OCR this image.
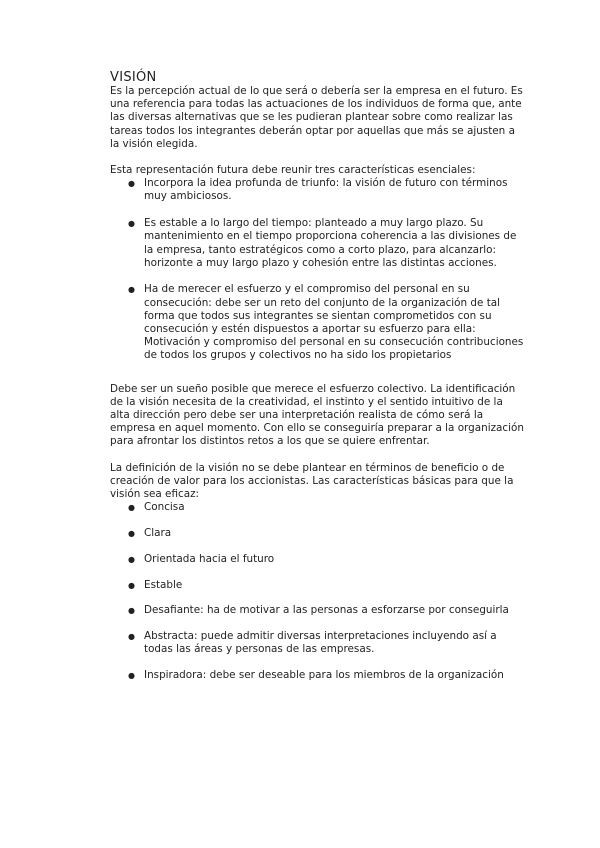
VISIÓN

Es la percepción actual de lo que será o debería ser la empresa en el futuro. Es una referencia para todas las actuaciones de los individuos de forma que, ante las diversas alternativas que se les pudieran plantear sobre como realizar las tareas todos los integrantes deberán optar por aquellas que más se ajusten a la visión elegida.

Esta representación futura debe reunir tres características esenciales:

● Incorpora la idea profunda de triunfo: la visión de futuro con términos muy ambiciosos.
● Es estable a lo largo del tiempo: planteado a muy largo plazo. Su mantenimiento en el tiempo proporciona coherencia a las divisiones de la empresa, tanto estratégicos como a corto plazo, para alcanzarlo: horizonte a muy largo plazo y cohesión entre las distintas acciones.
● Ha de merecer el esfuerzo y el compromiso del personal en su consecución: debe ser un reto del conjunto de la organización de tal forma que todos sus integrantes se sientan comprometidos con su consecución y estén dispuestos a aportar su esfuerzo para ella: Motivación y compromiso del personal en su consecución contribuciones de todos los grupos y colectivos no ha sido los propietarios

Debe ser un sueño posible que merece el esfuerzo colectivo. La identificación de la visión necesita de la creatividad, el instinto y el sentido intuitivo de la alta dirección pero debe ser una interpretación realista de cómo será la empresa en aquel momento. Con ello se conseguiría preparar a la organización para afrontar los distintos retos a los que se quiere enfrentar.

La definición de la visión no se debe plantear en términos de beneficio o de creación de valor para los accionistas. Las características básicas para que la visión sea eficaz:

● Concisa
● Clara
● Orientada hacia el futuro
● Estable
● Desafiante: ha de motivar a las personas a esforzarse por conseguirla
● Abstracta: puede admitir diversas interpretaciones incluyendo así a todas las áreas y personas de las empresas.
● Inspiradora: debe ser deseable para los miembros de la organización
